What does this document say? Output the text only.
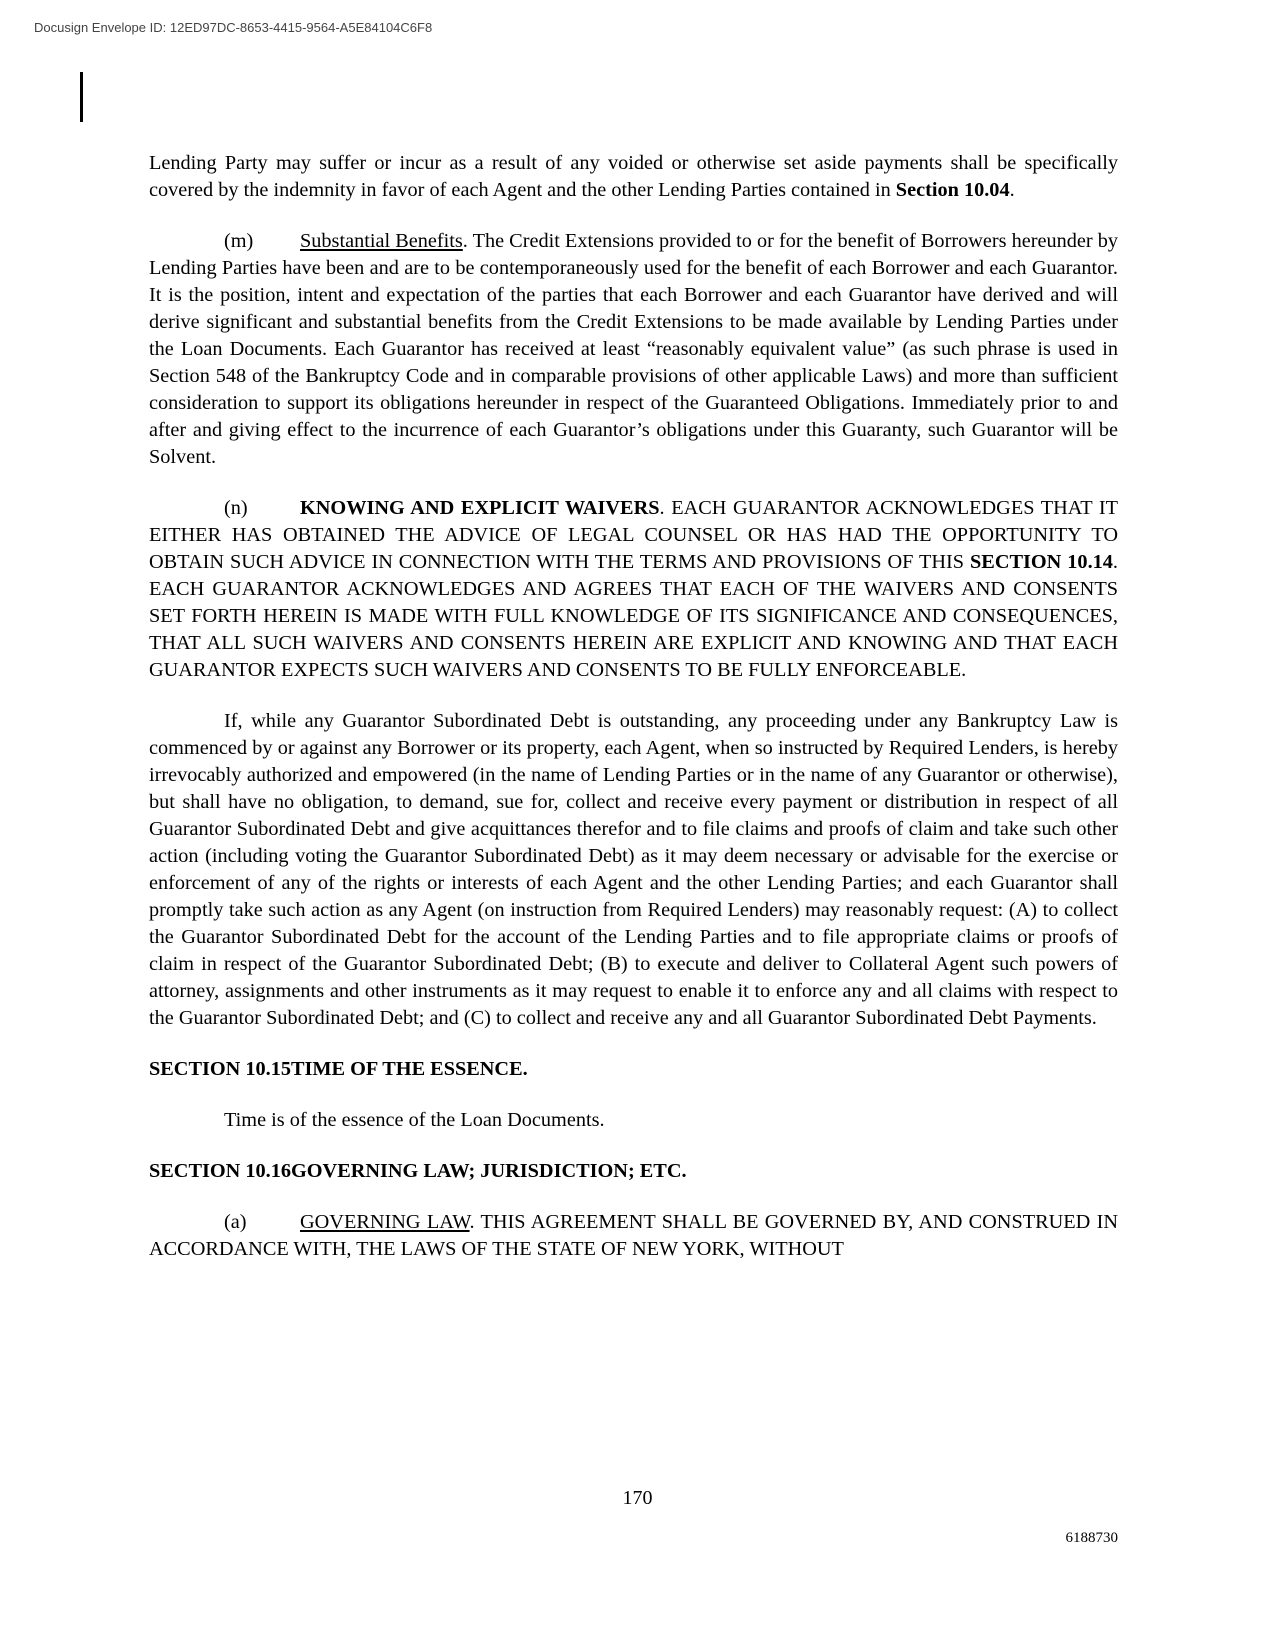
Docusign Envelope ID: 12ED97DC-8653-4415-9564-A5E84104C6F8

Lending Party may suffer or incur as a result of any voided or otherwise set aside payments shall be specifically covered by the indemnity in favor of each Agent and the other Lending Parties contained in Section 10.04.

(m) Substantial Benefits. The Credit Extensions provided to or for the benefit of Borrowers hereunder by Lending Parties have been and are to be contemporaneously used for the benefit of each Borrower and each Guarantor. It is the position, intent and expectation of the parties that each Borrower and each Guarantor have derived and will derive significant and substantial benefits from the Credit Extensions to be made available by Lending Parties under the Loan Documents. Each Guarantor has received at least “reasonably equivalent value” (as such phrase is used in Section 548 of the Bankruptcy Code and in comparable provisions of other applicable Laws) and more than sufficient consideration to support its obligations hereunder in respect of the Guaranteed Obligations. Immediately prior to and after and giving effect to the incurrence of each Guarantor’s obligations under this Guaranty, such Guarantor will be Solvent.

(n)	KNOWING AND EXPLICIT WAIVERS. EACH GUARANTOR ACKNOWLEDGES THAT IT EITHER HAS OBTAINED THE ADVICE OF LEGAL COUNSEL OR HAS HAD THE OPPORTUNITY TO OBTAIN SUCH ADVICE IN CONNECTION WITH THE TERMS AND PROVISIONS OF THIS SECTION 10.14. EACH GUARANTOR ACKNOWLEDGES AND AGREES THAT EACH OF THE WAIVERS AND CONSENTS SET FORTH HEREIN IS MADE WITH FULL KNOWLEDGE OF ITS SIGNIFICANCE AND CONSEQUENCES, THAT ALL SUCH WAIVERS AND CONSENTS HEREIN ARE EXPLICIT AND KNOWING AND THAT EACH GUARANTOR EXPECTS SUCH WAIVERS AND CONSENTS TO BE FULLY ENFORCEABLE.

If, while any Guarantor Subordinated Debt is outstanding, any proceeding under any Bankruptcy Law is commenced by or against any Borrower or its property, each Agent, when so instructed by Required Lenders, is hereby irrevocably authorized and empowered (in the name of Lending Parties or in the name of any Guarantor or otherwise), but shall have no obligation, to demand, sue for, collect and receive every payment or distribution in respect of all Guarantor Subordinated Debt and give acquittances therefor and to file claims and proofs of claim and take such other action (including voting the Guarantor Subordinated Debt) as it may deem necessary or advisable for the exercise or enforcement of any of the rights or interests of each Agent and the other Lending Parties; and each Guarantor shall promptly take such action as any Agent (on instruction from Required Lenders) may reasonably request: (A) to collect the Guarantor Subordinated Debt for the account of the Lending Parties and to file appropriate claims or proofs of claim in respect of the Guarantor Subordinated Debt; (B) to execute and deliver to Collateral Agent such powers of attorney, assignments and other instruments as it may request to enable it to enforce any and all claims with respect to the Guarantor Subordinated Debt; and (C) to collect and receive any and all Guarantor Subordinated Debt Payments.

SECTION 10.15TIME OF THE ESSENCE.

Time is of the essence of the Loan Documents.

SECTION 10.16GOVERNING LAW; JURISDICTION; ETC.

(a)	GOVERNING LAW. THIS AGREEMENT SHALL BE GOVERNED BY, AND CONSTRUED IN ACCORDANCE WITH, THE LAWS OF THE STATE OF NEW YORK, WITHOUT

170
6188730
